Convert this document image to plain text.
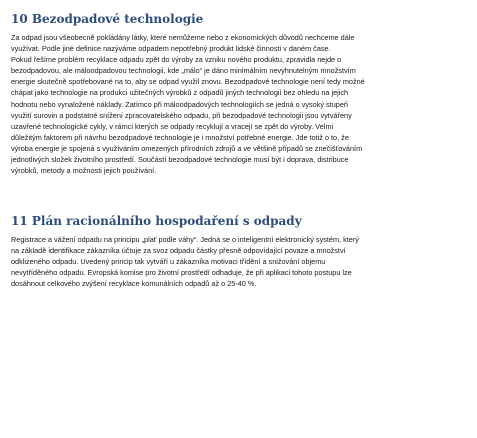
10 Bezodpadové technologie

Za odpad jsou všeobecně pokládány látky, které nemůžeme nebo z ekonomických důvodů nechceme dále
využívat. Podle jiné definice nazýváme odpadem nepotřebný produkt lidské činnosti v daném čase.
Pokud řešíme problém recyklace odpadu zpět do výroby za vzniku nového produktu, zpravidla nejde o
bezodpadovou, ale máloodpadovou technologii, kde „málo“ je dáno minimálním nevyhnutelným množstvím
energie skutečně spotřebované na to, aby se odpad využil znovu. Bezodpadové technologie není tedy možné
chápat jako technologie na produkci užitečných výrobků z odpadů jiných technologií bez ohledu na jejich
hodnotu nebo vynaložené náklady. Zatímco při máloodpadových technologiích se jedná o vysoký stupeň
využití surovin a podstatné snížení zpracovatelského odpadu, při bezodpadové technologii jsou vytvářeny
uzavřené technologické cykly, v rámci kterých se odpady recyklují a vracejí se zpět do výroby. Velmi
důležitým faktorem při návrhu bezodpadové technologie je i množství potřebné energie. Jde totiž o to, že
výroba energie je spojená s využíváním omezených přírodních zdrojů a ve většině případů se znečišťováním
jednotlivých složek životního prostředí. Součástí bezodpadové technologie musí být i doprava, distribuce
výrobků, metody a možnosti jejich používání.

11 Plán racionálního hospodaření s odpady

Registrace a vážení odpadu na principu „plať podle váhy“. Jedná se o inteligentní elektronický systém, který
na základě identifikace zákazníka účtuje za svoz odpadu částky přesně odpovídající povaze a množství
odklizeného odpadu. Uvedený princip tak vytváří u zákazníka motivaci třídění a snižování objemu
nevytříděného odpadu. Evropská komise pro životní prostředí odhaduje, že při aplikaci tohoto postupu lze
dosáhnout celkového zvýšení recyklace komunálních odpadů až o 25-40 %.
